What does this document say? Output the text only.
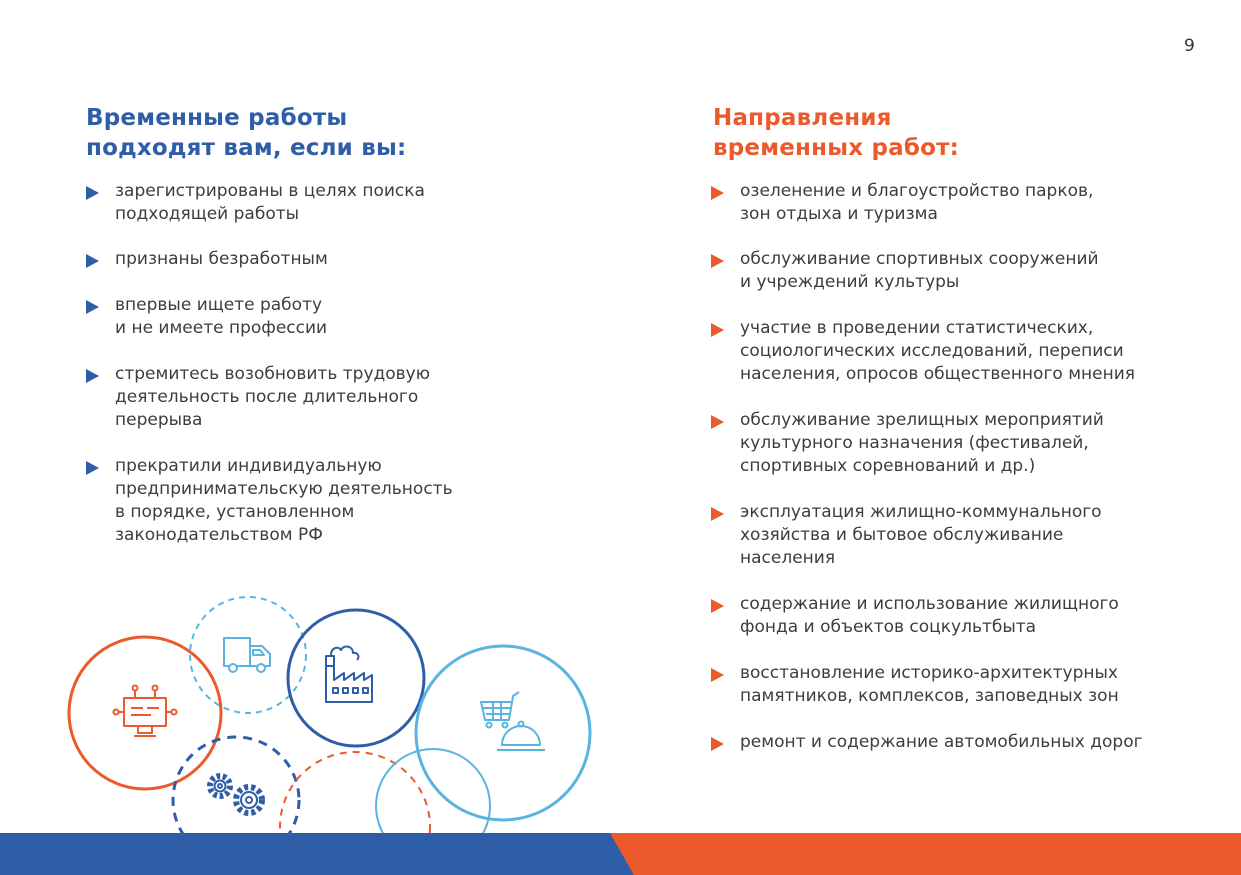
9
Временные работы
подходят вам, если вы:
зарегистрированы в целях поиска
подходящей работы
признаны безработным
впервые ищете работу
и не имеете профессии
стремитесь возобновить трудовую
деятельность после длительного
перерыва
прекратили индивидуальную
предпринимательскую деятельность
в порядке, установленном
законодательством РФ
Направления
временных работ:
озеленение и благоустройство парков,
зон отдыха и туризма
обслуживание спортивных сооружений
и учреждений культуры
участие в проведении статистических,
социологических исследований, переписи
населения, опросов общественного мнения
обслуживание зрелищных мероприятий
культурного назначения (фестивалей,
спортивных соревнований и др.)
эксплуатация жилищно-коммунального
хозяйства и бытовое обслуживание
населения
содержание и использование жилищного
фонда и объектов соцкультбыта
восстановление историко-архитектурных
памятников, комплексов, заповедных зон
ремонт и содержание автомобильных дорог
